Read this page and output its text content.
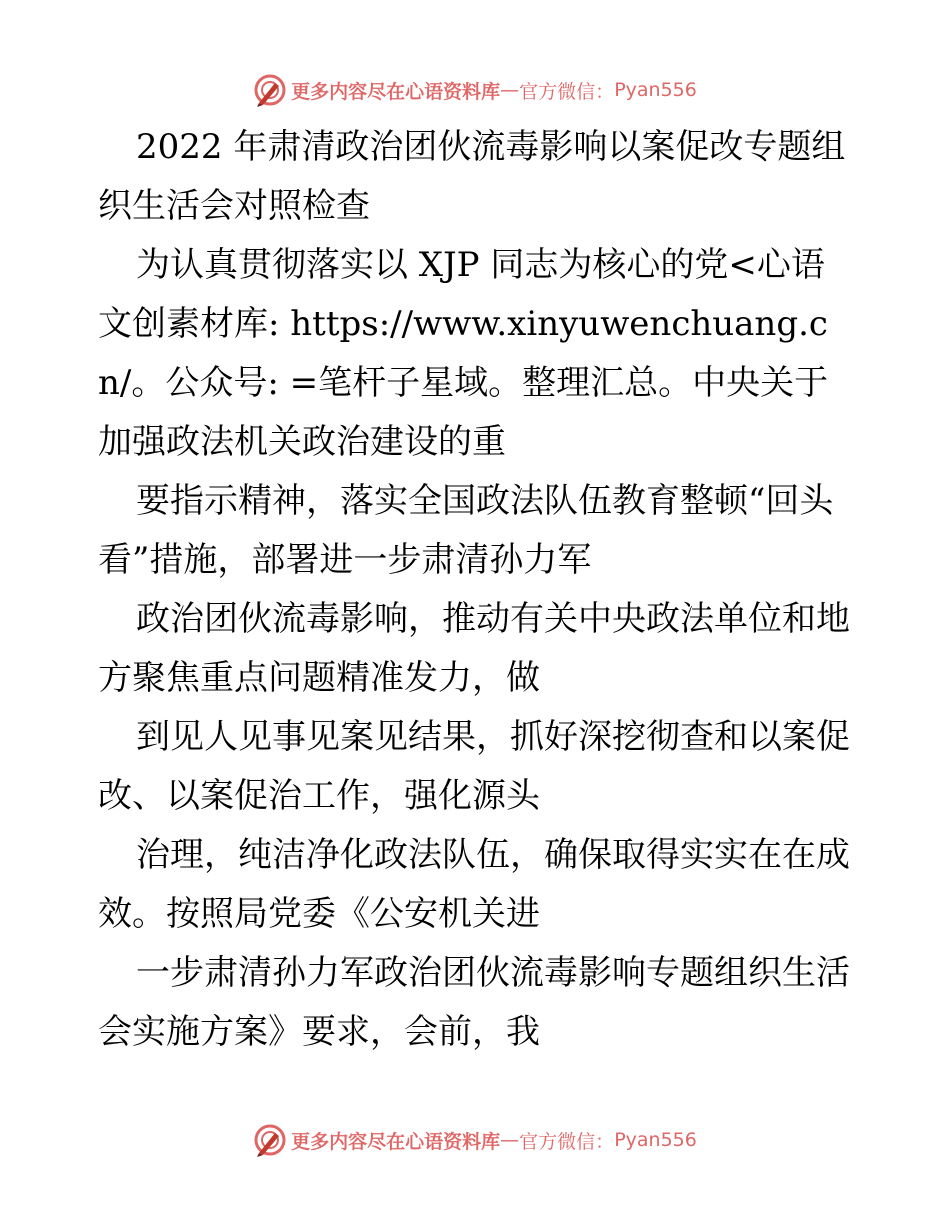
更多内容尽在心语资料库 — 官方微信： Pyan556

2022 年肃清政治团伙流毒影响以案促改专题组织生活会对照检查

为认真贯彻落实以 XJP 同志为核心的党<心语文创素材库: https://www.xinyuwenchuang.cn/。公众号: =笔杆子星域。整理汇总。中央关于加强政法机关政治建设的重

要指示精神，落实全国政法队伍教育整顿“回头看”措施，部署进一步肃清孙力军

政治团伙流毒影响，推动有关中央政法单位和地方聚焦重点问题精准发力，做

到见人见事见案见结果，抓好深挖彻查和以案促改、以案促治工作，强化源头

治理，纯洁净化政法队伍，确保取得实实在在成效。按照局党委《公安机关进

一步肃清孙力军政治团伙流毒影响专题组织生活会实施方案》要求，会前，我

更多内容尽在心语资料库 — 官方微信： Pyan556
